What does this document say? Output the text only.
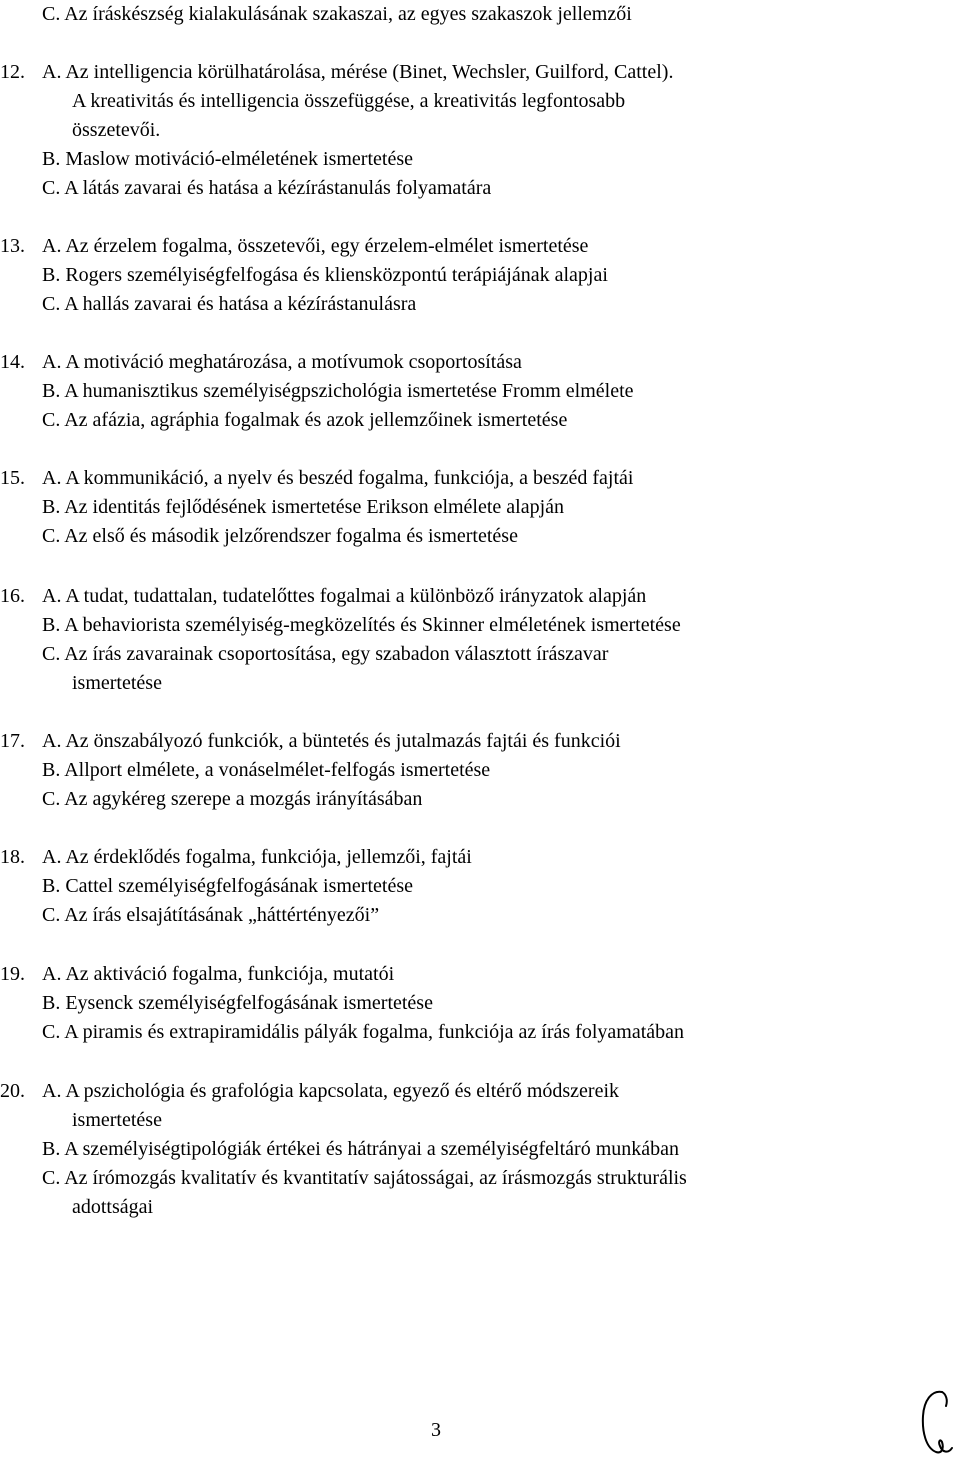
C. Az íráskészség kialakulásának szakaszai, az egyes szakaszok jellemzői
12. A. Az intelligencia körülhatárolása, mérése (Binet, Wechsler, Guilford, Cattel).
A kreativitás és intelligencia összefüggése, a kreativitás legfontosabb
összetevői.
B. Maslow motiváció-elméletének ismertetése
C. A látás zavarai és hatása a kézírástanulás folyamatára
13. A. Az érzelem fogalma, összetevői, egy érzelem-elmélet ismertetése
B. Rogers személyiségfelfogása és kliensközpontú terápiájának alapjai
C. A hallás zavarai és hatása a kézírástanulásra
14. A. A motiváció meghatározása, a motívumok csoportosítása
B. A humanisztikus személyiségpszichológia ismertetése Fromm elmélete
C. Az afázia, agráphia fogalmak és azok jellemzőinek ismertetése
15. A. A kommunikáció, a nyelv és beszéd fogalma, funkciója, a beszéd fajtái
B. Az identitás fejlődésének ismertetése Erikson elmélete alapján
C. Az első és második jelzőrendszer fogalma és ismertetése
16. A. A tudat, tudattalan, tudatelőttes fogalmai a különböző irányzatok alapján
B. A behaviorista személyiség-megközelítés és Skinner elméletének ismertetése
C. Az írás zavarainak csoportosítása, egy szabadon választott írászavar
ismertetése
17. A. Az önszabályozó funkciók, a büntetés és jutalmazás fajtái és funkciói
B. Allport elmélete, a vonáselmélet-felfogás ismertetése
C. Az agykéreg szerepe a mozgás irányításában
18. A. Az érdeklődés fogalma, funkciója, jellemzői, fajtái
B. Cattel személyiségfelfogásának ismertetése
C. Az írás elsajátításának „háttértényezői”
19. A. Az aktiváció fogalma, funkciója, mutatói
B. Eysenck személyiségfelfogásának ismertetése
C. A piramis és extrapiramidális pályák fogalma, funkciója az írás folyamatában
20. A. A pszichológia és grafológia kapcsolata, egyező és eltérő módszereik
ismertetése
B. A személyiségtipológiák értékei és hátrányai a személyiségfeltáró munkában
C. Az írómozgás kvalitatív és kvantitatív sajátosságai, az írásmozgás strukturális
adottságai
3
